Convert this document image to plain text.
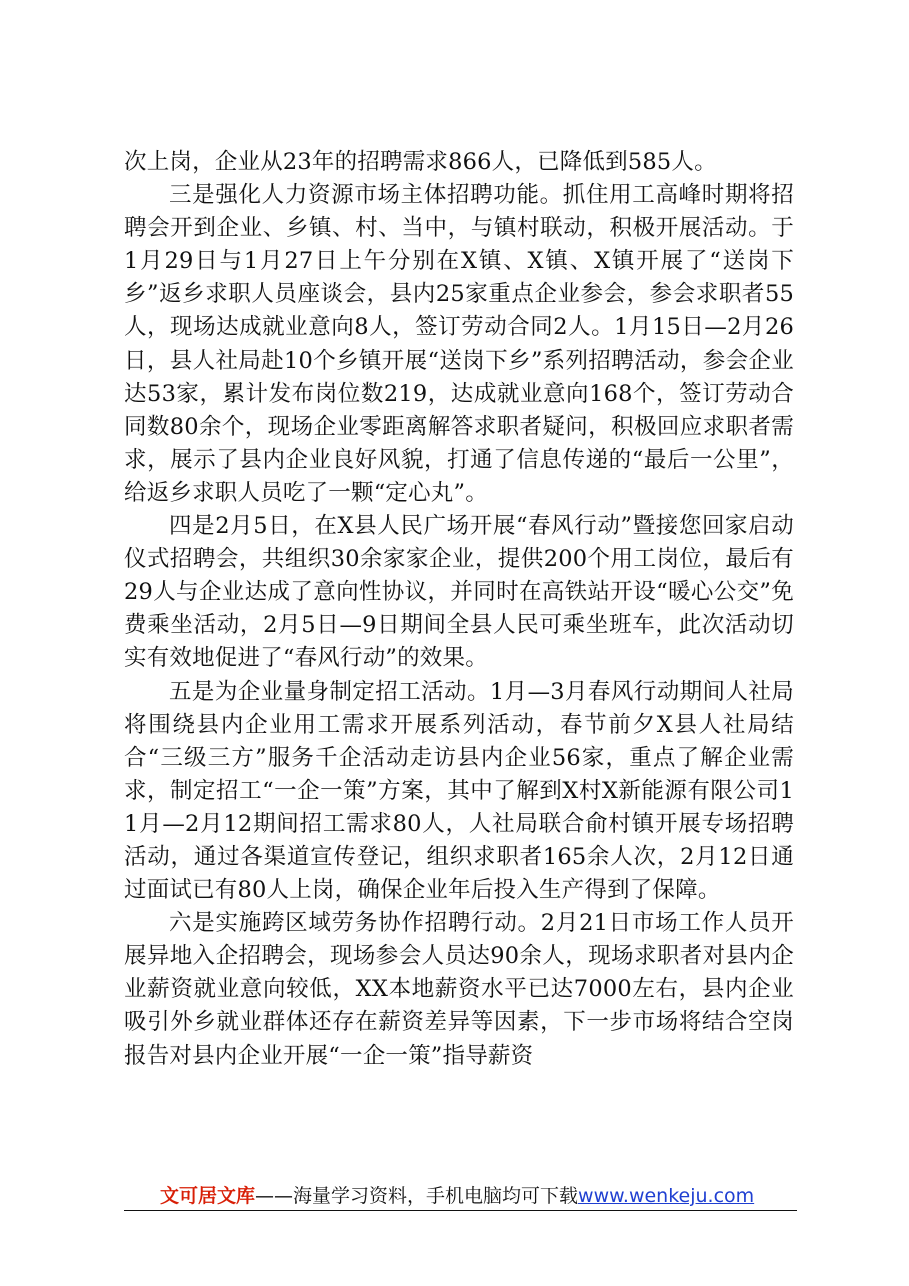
次上岗，企业从23年的招聘需求866人，已降低到585人。

三是强化人力资源市场主体招聘功能。抓住用工高峰时期将招聘会开到企业、乡镇、村、当中，与镇村联动，积极开展活动。于1月29日与1月27日上午分别在X镇、X镇、X镇开展了“送岗下乡”返乡求职人员座谈会，县内25家重点企业参会，参会求职者55人，现场达成就业意向8人，签订劳动合同2人。1月15日—2月26日，县人社局赴10个乡镇开展“送岗下乡”系列招聘活动，参会企业达53家，累计发布岗位数219，达成就业意向168个，签订劳动合同数80余个，现场企业零距离解答求职者疑问，积极回应求职者需求，展示了县内企业良好风貌，打通了信息传递的“最后一公里”，给返乡求职人员吃了一颗“定心丸”。

四是2月5日，在X县人民广场开展“春风行动”暨接您回家启动仪式招聘会，共组织30余家家企业，提供200个用工岗位，最后有29人与企业达成了意向性协议，并同时在高铁站开设“暖心公交”免费乘坐活动，2月5日—9日期间全县人民可乘坐班车，此次活动切实有效地促进了“春风行动”的效果。

五是为企业量身制定招工活动。1月—3月春风行动期间人社局将围绕县内企业用工需求开展系列活动，春节前夕X县人社局结合“三级三方”服务千企活动走访县内企业56家，重点了解企业需求，制定招工“一企一策”方案，其中了解到X村X新能源有限公司11月—2月12期间招工需求80人，人社局联合俞村镇开展专场招聘活动，通过各渠道宣传登记，组织求职者165余人次，2月12日通过面试已有80人上岗，确保企业年后投入生产得到了保障。

六是实施跨区域劳务协作招聘行动。2月21日市场工作人员开展异地入企招聘会，现场参会人员达90余人，现场求职者对县内企业薪资就业意向较低，XX本地薪资水平已达7000左右，县内企业吸引外乡就业群体还存在薪资差异等因素，下一步市场将结合空岗报告对县内企业开展“一企一策”指导薪资

文可居文库——海量学习资料，手机电脑均可下载www.wenkeju.com
